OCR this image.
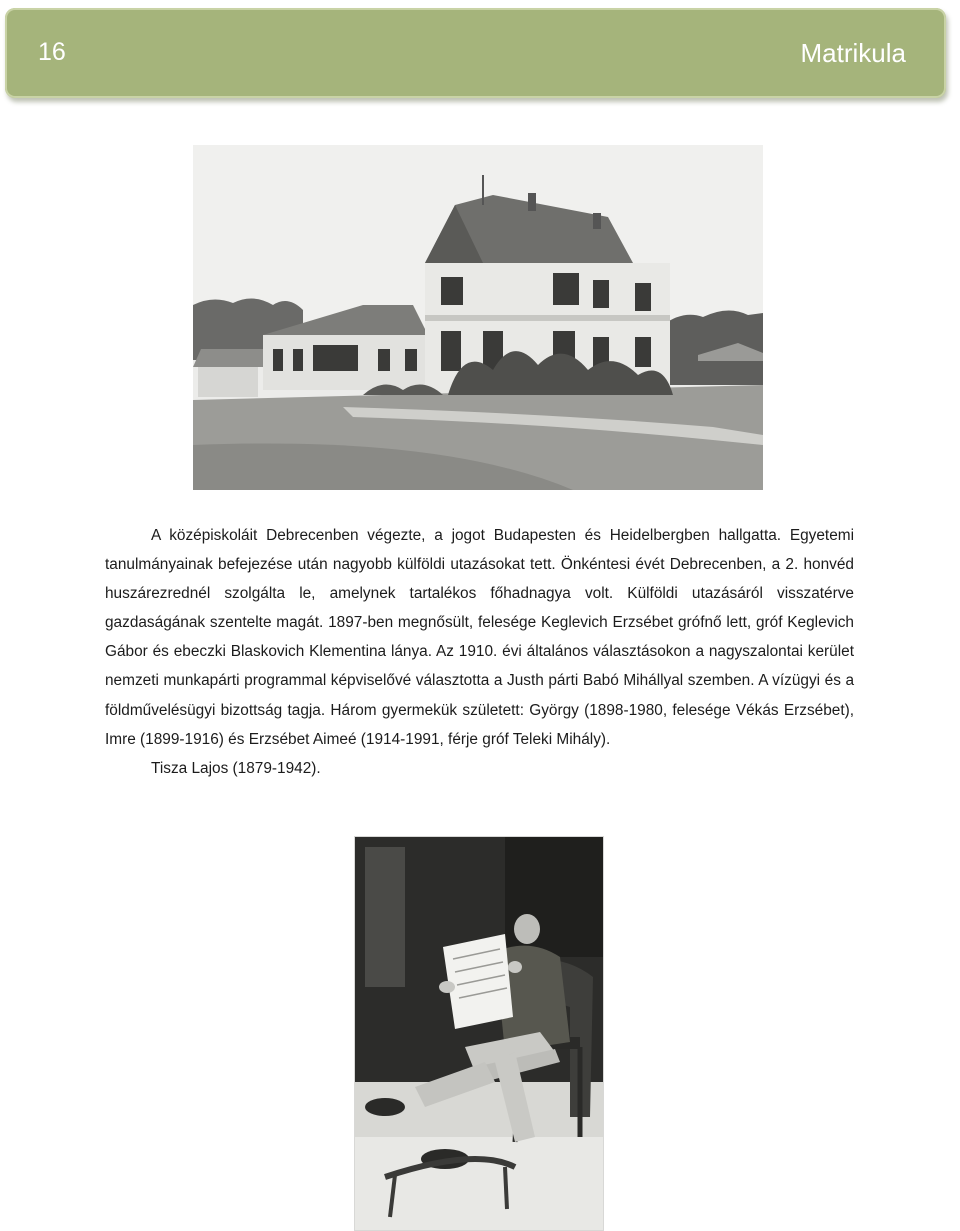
16	Matrikula

A középiskoláit Debrecenben végezte, a jogot Budapesten és Heidelbergben hallgatta. Egyetemi tanulmányainak befejezése után nagyobb külföldi utazásokat tett. Önkéntesi évét Debrecenben, a 2. honvéd huszárezrednél szolgálta le, amelynek tartalékos főhadnagya volt. Külföldi utazásáról visszatérve gazdaságának szentelte magát. 1897-ben megnősült, felesége Keglevich Erzsébet grófnő lett, gróf Keglevich Gábor és ebeczki Blaskovich Klementina lánya. Az 1910. évi általános választásokon a nagyszalontai kerület nemzeti munkapárti programmal képviselővé választotta a Justh párti Babó Mihállyal szemben. A vízügyi és a földművelésügyi bizottság tagja. Három gyermekük született: György (1898-1980, felesége Vékás Erzsébet), Imre (1899-1916) és Erzsébet Aimeé (1914-1991, férje gróf Teleki Mihály).

Tisza Lajos (1879-1942).
